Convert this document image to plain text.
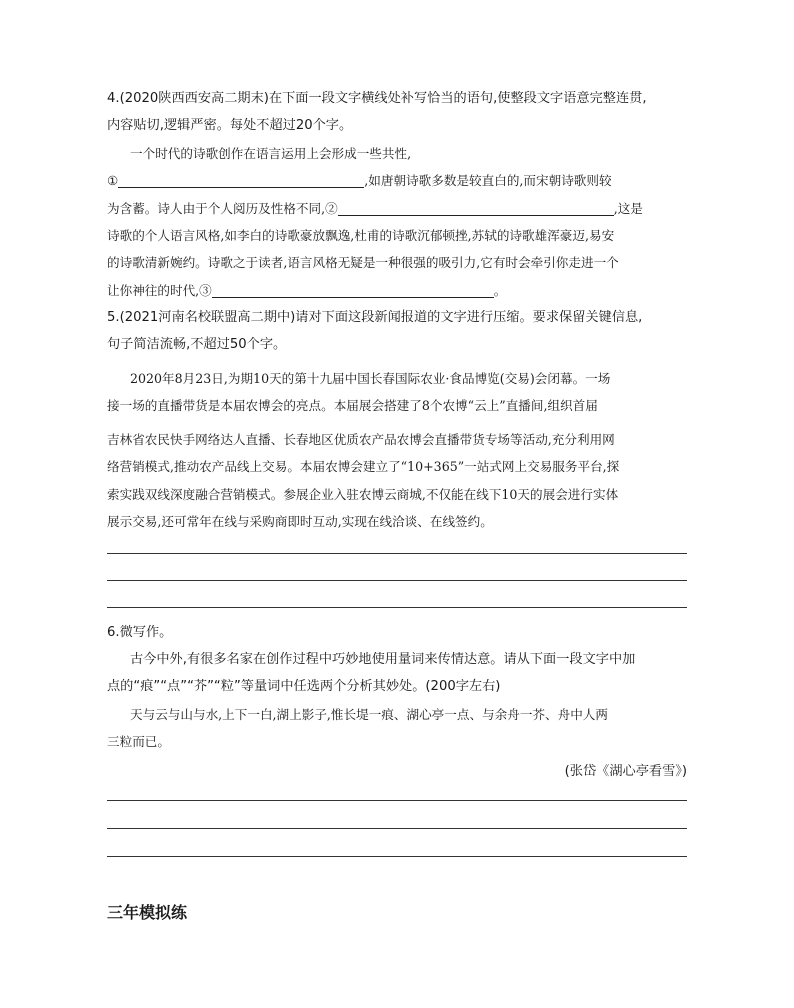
4.(2020陕西西安高二期末)在下面一段文字横线处补写恰当的语句,使整段文字语意完整连贯,
内容贴切,逻辑严密。每处不超过20个字。
一个时代的诗歌创作在语言运用上会形成一些共性,
①	,如唐朝诗歌多数是较直白的,而宋朝诗歌则较
为含蓄。诗人由于个人阅历及性格不同,②	,这是
诗歌的个人语言风格,如李白的诗歌豪放飘逸,杜甫的诗歌沉郁顿挫,苏轼的诗歌雄浑豪迈,易安
的诗歌清新婉约。诗歌之于读者,语言风格无疑是一种很强的吸引力,它有时会牵引你走进一个
让你神往的时代,③	。
5.(2021河南名校联盟高二期中)请对下面这段新闻报道的文字进行压缩。要求保留关键信息,
句子简洁流畅,不超过50个字。
2020年8月23日,为期10天的第十九届中国长春国际农业·食品博览(交易)会闭幕。一场
接一场的直播带货是本届农博会的亮点。本届展会搭建了8个农博“云上”直播间,组织首届
吉林省农民快手网络达人直播、长春地区优质农产品农博会直播带货专场等活动,充分利用网
络营销模式,推动农产品线上交易。本届农博会建立了“10+365”一站式网上交易服务平台,探
索实践双线深度融合营销模式。参展企业入驻农博云商城,不仅能在线下10天的展会进行实体
展示交易,还可常年在线与采购商即时互动,实现在线洽谈、在线签约。
6.微写作。
古今中外,有很多名家在创作过程中巧妙地使用量词来传情达意。请从下面一段文字中加
点的“痕”“点”“芥”“粒”等量词中任选两个分析其妙处。(200字左右)
天与云与山与水,上下一白,湖上影子,惟长堤一痕、湖心亭一点、与余舟一芥、舟中人两
三粒而已。
(张岱《湖心亭看雪》)
三年模拟练
